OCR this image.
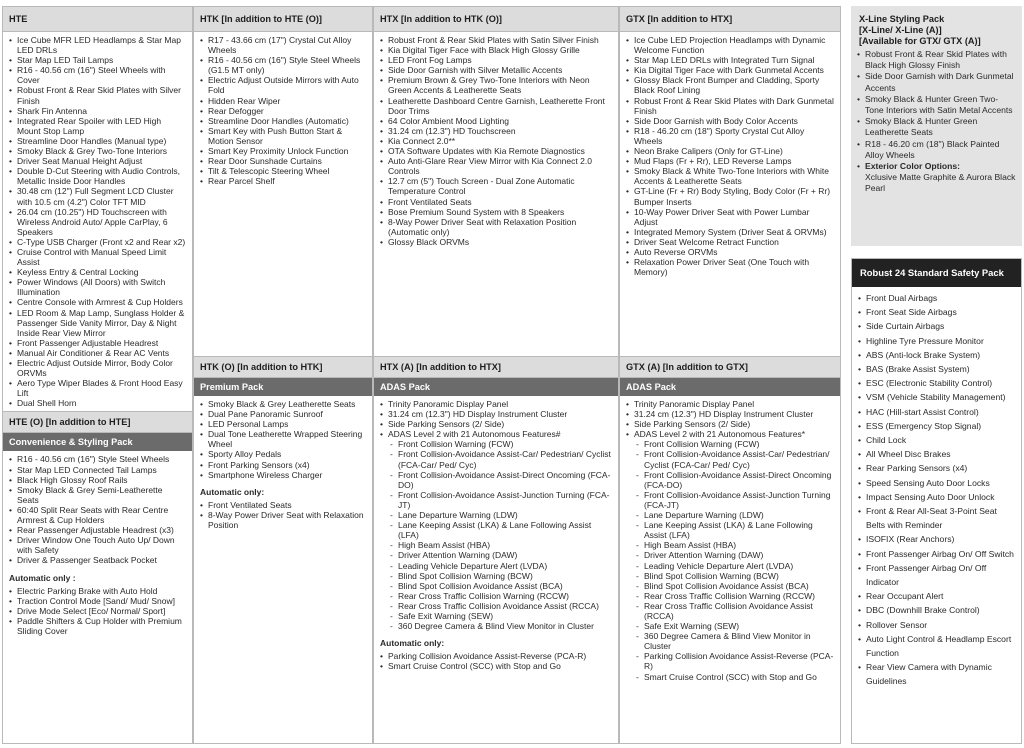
HTE
• Ice Cube MFR LED Headlamps & Star Map LED DRLs
• Star Map LED Tail Lamps
• R16 - 40.56 cm (16") Steel Wheels with Cover
• Robust Front & Rear Skid Plates with Silver Finish
• Shark Fin Antenna
• Integrated Rear Spoiler with LED High Mount Stop Lamp
• Streamline Door Handles (Manual type)
• Smoky Black & Grey Two-Tone Interiors
• Driver Seat Manual Height Adjust
• Double D-Cut Steering with Audio Controls, Metallic Inside Door Handles
• 30.48 cm (12") Full Segment LCD Cluster with 10.5 cm (4.2") Color TFT MID
• 26.04 cm (10.25") HD Touchscreen with Wireless Android Auto/ Apple CarPlay, 6 Speakers
• C-Type USB Charger (Front x2 and Rear x2)
• Cruise Control with Manual Speed Limit Assist
• Keyless Entry & Central Locking
• Power Windows (All Doors) with Switch Illumination
• Centre Console with Armrest & Cup Holders
• LED Room & Map Lamp, Sunglass Holder & Passenger Side Vanity Mirror, Day & Night Inside Rear View Mirror
• Front Passenger Adjustable Headrest
• Manual Air Conditioner & Rear AC Vents
• Electric Adjust Outside Mirror, Body Color ORVMs
• Aero Type Wiper Blades & Front Hood Easy Lift
• Dual Shell Horn
HTE (O) [In addition to HTE]
Convenience & Styling Pack
• R16 - 40.56 cm (16") Style Steel Wheels
• Star Map LED Connected Tail Lamps
• Black High Glossy Roof Rails
• Smoky Black & Grey Semi-Leatherette Seats
• 60:40 Split Rear Seats with Rear Centre Armrest & Cup Holders
• Rear Passenger Adjustable Headrest (x3)
• Driver Window One Touch Auto Up/ Down with Safety
• Driver & Passenger Seatback Pocket
Automatic only :
• Electric Parking Brake with Auto Hold
• Traction Control Mode [Sand/ Mud/ Snow]
• Drive Mode Select [Eco/ Normal/ Sport]
• Paddle Shifters & Cup Holder with Premium Sliding Cover
HTK [In addition to HTE (O)]
• R17 - 43.66 cm (17") Crystal Cut Alloy Wheels
• R16 - 40.56 cm (16") Style Steel Wheels (G1.5 MT only)
• Electric Adjust Outside Mirrors with Auto Fold
• Hidden Rear Wiper
• Rear Defogger
• Streamline Door Handles (Automatic)
• Smart Key with Push Button Start & Motion Sensor
• Smart Key Proximity Unlock Function
• Rear Door Sunshade Curtains
• Tilt & Telescopic Steering Wheel
• Rear Parcel Shelf
HTK (O) [In addition to HTK]
Premium Pack
• Smoky Black & Grey Leatherette Seats
• Dual Pane Panoramic Sunroof
• LED Personal Lamps
• Dual Tone Leatherette Wrapped Steering Wheel
• Sporty Alloy Pedals
• Front Parking Sensors (x4)
• Smartphone Wireless Charger
Automatic only:
• Front Ventilated Seats
• 8-Way Power Driver Seat with Relaxation Position
HTX [In addition to HTK (O)]
• Robust Front & Rear Skid Plates with Satin Silver Finish
• Kia Digital Tiger Face with Black High Glossy Grille
• LED Front Fog Lamps
• Side Door Garnish with Silver Metallic Accents
• Premium Brown & Grey Two-Tone Interiors with Neon Green Accents & Leatherette Seats
• Leatherette Dashboard Centre Garnish, Leatherette Front Door Trims
• 64 Color Ambient Mood Lighting
• 31.24 cm (12.3") HD Touchscreen
• Kia Connect 2.0**
• OTA Software Updates with Kia Remote Diagnostics
• Auto Anti-Glare Rear View Mirror with Kia Connect 2.0 Controls
• 12.7 cm (5") Touch Screen - Dual Zone Automatic Temperature Control
• Front Ventilated Seats
• Bose Premium Sound System with 8 Speakers
• 8-Way Power Driver Seat with Relaxation Position (Automatic only)
• Glossy Black ORVMs
HTX (A) [In addition to HTX]
ADAS Pack
• Trinity Panoramic Display Panel
• 31.24 cm (12.3") HD Display Instrument Cluster
• Side Parking Sensors (2/ Side)
• ADAS Level 2 with 21 Autonomous Features#
- Front Collision Warning (FCW)
- Front Collision-Avoidance Assist-Car/ Pedestrian/ Cyclist (FCA-Car/ Ped/ Cyc)
- Front Collision-Avoidance Assist-Direct Oncoming (FCA-DO)
- Front Collision-Avoidance Assist-Junction Turning (FCA-JT)
- Lane Departure Warning (LDW)
- Lane Keeping Assist (LKA) & Lane Following Assist (LFA)
- High Beam Assist (HBA)
- Driver Attention Warning (DAW)
- Leading Vehicle Departure Alert (LVDA)
- Blind Spot Collision Warning (BCW)
- Blind Spot Collision Avoidance Assist (BCA)
- Rear Cross Traffic Collision Warning (RCCW)
- Rear Cross Traffic Collision Avoidance Assist (RCCA)
- Safe Exit Warning (SEW)
- 360 Degree Camera & Blind View Monitor in Cluster
Automatic only:
• Parking Collision Avoidance Assist-Reverse (PCA-R)
• Smart Cruise Control (SCC) with Stop and Go
GTX [In addition to HTX]
• Ice Cube LED Projection Headlamps with Dynamic Welcome Function
• Star Map LED DRLs with Integrated Turn Signal
• Kia Digital Tiger Face with Dark Gunmetal Accents
• Glossy Black Front Bumper and Cladding, Sporty Black Roof Lining
• Robust Front & Rear Skid Plates with Dark Gunmetal Finish
• Side Door Garnish with Body Color Accents
• R18 - 46.20 cm (18") Sporty Crystal Cut Alloy Wheels
• Neon Brake Calipers (Only for GT-Line)
• Mud Flaps (Fr + Rr), LED Reverse Lamps
• Smoky Black & White Two-Tone Interiors with White Accents & Leatherette Seats
• GT-Line (Fr + Rr) Body Styling, Body Color (Fr + Rr) Bumper Inserts
• 10-Way Power Driver Seat with Power Lumbar Adjust
• Integrated Memory System (Driver Seat & ORVMs)
• Driver Seat Welcome Retract Function
• Auto Reverse ORVMs
• Relaxation Power Driver Seat (One Touch with Memory)
GTX (A) [In addition to GTX]
ADAS Pack
• Trinity Panoramic Display Panel
• 31.24 cm (12.3") HD Display Instrument Cluster
• Side Parking Sensors (2/ Side)
• ADAS Level 2 with 21 Autonomous Features*
- Front Collision Warning (FCW)
- Front Collision-Avoidance Assist-Car/ Pedestrian/ Cyclist (FCA-Car/ Ped/ Cyc)
- Front Collision-Avoidance Assist-Direct Oncoming (FCA-DO)
- Front Collision-Avoidance Assist-Junction Turning (FCA-JT)
- Lane Departure Warning (LDW)
- Lane Keeping Assist (LKA) & Lane Following Assist (LFA)
- High Beam Assist (HBA)
- Driver Attention Warning (DAW)
- Leading Vehicle Departure Alert (LVDA)
- Blind Spot Collision Warning (BCW)
- Blind Spot Collision Avoidance Assist (BCA)
- Rear Cross Traffic Collision Warning (RCCW)
- Rear Cross Traffic Collision Avoidance Assist (RCCA)
- Safe Exit Warning (SEW)
- 360 Degree Camera & Blind View Monitor in Cluster
- Parking Collision Avoidance Assist-Reverse (PCA-R)
- Smart Cruise Control (SCC) with Stop and Go
X-Line Styling Pack
[X-Line/ X-Line (A)]
[Available for GTX/ GTX (A)]
• Robust Front & Rear Skid Plates with Black High Glossy Finish
• Side Door Garnish with Dark Gunmetal Accents
• Smoky Black & Hunter Green Two-Tone Interiors with Satin Metal Accents
• Smoky Black & Hunter Green Leatherette Seats
• R18 - 46.20 cm (18") Black Painted Alloy Wheels
• Exterior Color Options:
Xclusive Matte Graphite & Aurora Black Pearl
Robust 24 Standard Safety Pack
• Front Dual Airbags
• Front Seat Side Airbags
• Side Curtain Airbags
• Highline Tyre Pressure Monitor
• ABS (Anti-lock Brake System)
• BAS (Brake Assist System)
• ESC (Electronic Stability Control)
• VSM (Vehicle Stability Management)
• HAC (Hill-start Assist Control)
• ESS (Emergency Stop Signal)
• Child Lock
• All Wheel Disc Brakes
• Rear Parking Sensors (x4)
• Speed Sensing Auto Door Locks
• Impact Sensing Auto Door Unlock
• Front & Rear All-Seat 3-Point Seat Belts with Reminder
• ISOFIX (Rear Anchors)
• Front Passenger Airbag On/ Off Switch
• Front Passenger Airbag On/ Off Indicator
• Rear Occupant Alert
• DBC (Downhill Brake Control)
• Rollover Sensor
• Auto Light Control & Headlamp Escort Function
• Rear View Camera with Dynamic Guidelines
